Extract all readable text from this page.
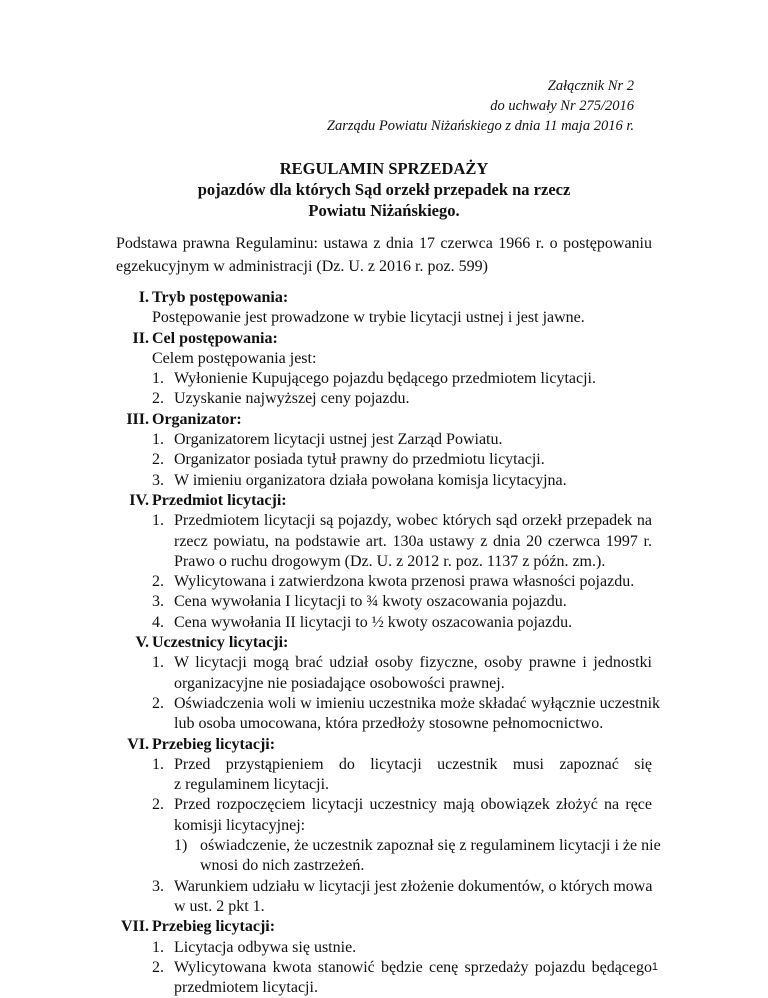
Załącznik Nr 2
do uchwały Nr 275/2016
Zarządu Powiatu Niżańskiego z dnia 11 maja 2016 r.
REGULAMIN SPRZEDAŻY
pojazdów dla których Sąd orzekł przepadek na rzecz
Powiatu Niżańskiego.
Podstawa prawna Regulaminu: ustawa z dnia 17 czerwca 1966 r. o postępowaniu
egzekucyjnym w administracji (Dz. U. z 2016 r. poz. 599)
I. Tryb postępowania:
Postępowanie jest prowadzone w trybie licytacji ustnej i jest jawne.
II. Cel postępowania:
Celem postępowania jest:
1. Wyłonienie Kupującego pojazdu będącego przedmiotem licytacji.
2. Uzyskanie najwyższej ceny pojazdu.
III. Organizator:
1. Organizatorem licytacji ustnej jest Zarząd Powiatu.
2. Organizator posiada tytuł prawny do przedmiotu licytacji.
3. W imieniu organizatora działa powołana komisja licytacyjna.
IV. Przedmiot licytacji:
1. Przedmiotem licytacji są pojazdy, wobec których sąd orzekł przepadek na
rzecz powiatu, na podstawie art. 130a ustawy z dnia 20 czerwca 1997 r.
Prawo o ruchu drogowym (Dz. U. z 2012 r. poz. 1137 z późn. zm.).
2. Wylicytowana i zatwierdzona kwota przenosi prawa własności pojazdu.
3. Cena wywołania I licytacji to ¾ kwoty oszacowania pojazdu.
4. Cena wywołania II licytacji to ½ kwoty oszacowania pojazdu.
V. Uczestnicy licytacji:
1. W licytacji mogą brać udział osoby fizyczne, osoby prawne i jednostki
organizacyjne nie posiadające osobowości prawnej.
2. Oświadczenia woli w imieniu uczestnika może składać wyłącznie uczestnik
lub osoba umocowana, która przedłoży stosowne pełnomocnictwo.
VI. Przebieg licytacji:
1. Przed przystąpieniem do licytacji uczestnik musi zapoznać się
z regulaminem licytacji.
2. Przed rozpoczęciem licytacji uczestnicy mają obowiązek złożyć na ręce
komisji licytacyjnej:
1) oświadczenie, że uczestnik zapoznał się z regulaminem licytacji i że nie
wnosi do nich zastrzeżeń.
3. Warunkiem udziału w licytacji jest złożenie dokumentów, o których mowa
w ust. 2 pkt 1.
VII. Przebieg licytacji:
1. Licytacja odbywa się ustnie.
2. Wylicytowana kwota stanowić będzie cenę sprzedaży pojazdu będącego
przedmiotem licytacji.
1
